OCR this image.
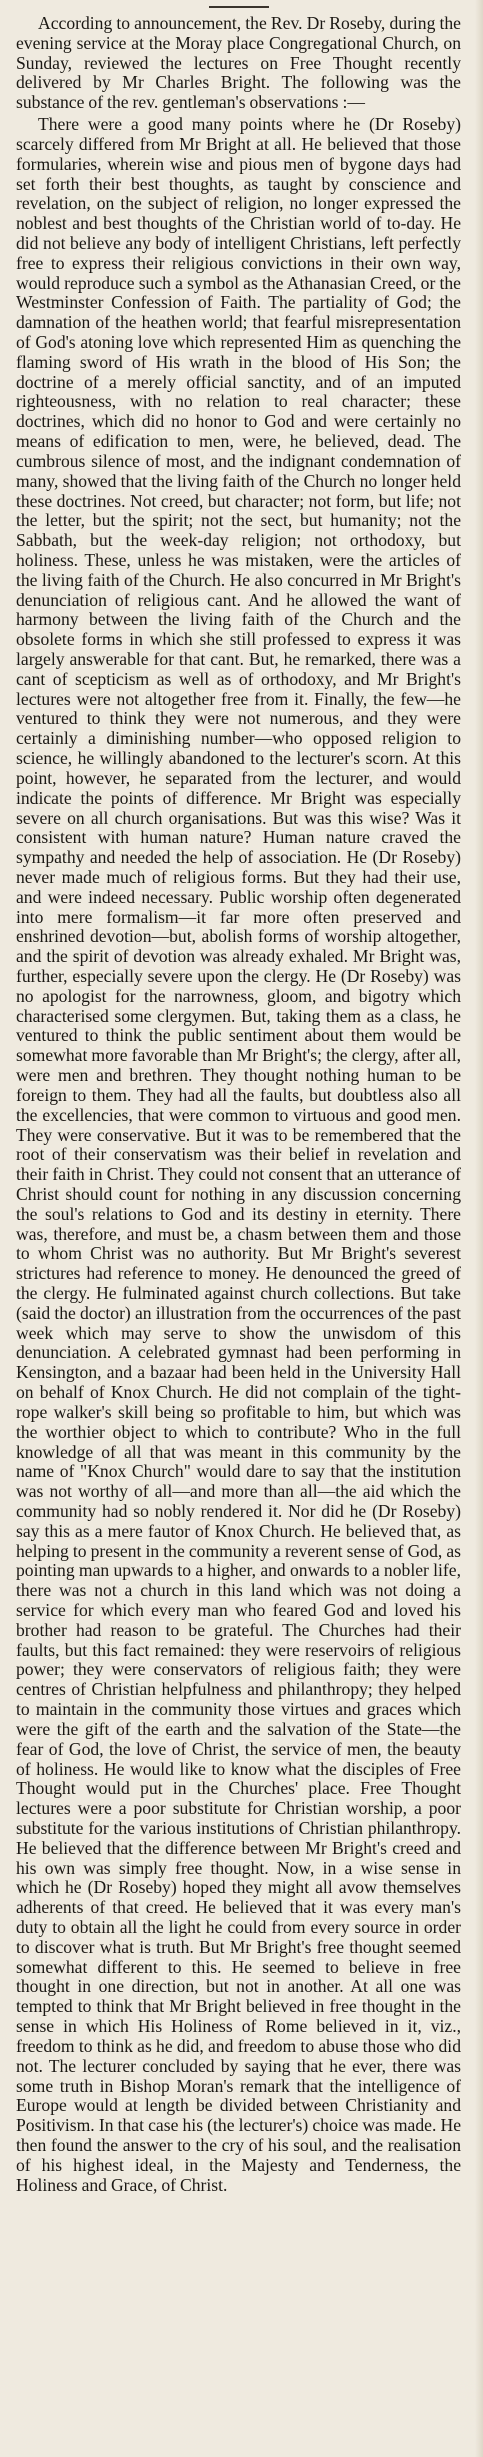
According to announcement, the Rev. Dr Roseby, during the evening service at the Moray place Congregational Church, on Sunday, reviewed the lectures on Free Thought recently delivered by Mr Charles Bright. The following was the substance of the rev. gentleman's observations :—

There were a good many points where he (Dr Roseby) scarcely differed from Mr Bright at all. He believed that those formularies, wherein wise and pious men of bygone days had set forth their best thoughts, as taught by conscience and revelation, on the subject of religion, no longer expressed the noblest and best thoughts of the Christian world of to-day. He did not believe any body of intelligent Christians, left perfectly free to express their religious convictions in their own way, would reproduce such a symbol as the Athanasian Creed, or the Westminster Confession of Faith. The partiality of God; the damnation of the heathen world; that fearful misrepresentation of God's atoning love which represented Him as quenching the flaming sword of His wrath in the blood of His Son; the doctrine of a merely official sanctity, and of an imputed righteousness, with no relation to real character; these doctrines, which did no honor to God and were certainly no means of edification to men, were, he believed, dead. The cumbrous silence of most, and the indignant condemnation of many, showed that the living faith of the Church no longer held these doctrines. Not creed, but character; not form, but life; not the letter, but the spirit; not the sect, but humanity; not the Sabbath, but the week-day religion; not orthodoxy, but holiness. These, unless he was mistaken, were the articles of the living faith of the Church. He also concurred in Mr Bright's denunciation of religious cant. And he allowed the want of harmony between the living faith of the Church and the obsolete forms in which she still professed to express it was largely answerable for that cant. But, he remarked, there was a cant of scepticism as well as of orthodoxy, and Mr Bright's lectures were not altogether free from it. Finally, the few—he ventured to think they were not numerous, and they were certainly a diminishing number—who opposed religion to science, he willingly abandoned to the lecturer's scorn. At this point, however, he separated from the lecturer, and would indicate the points of difference. Mr Bright was especially severe on all church organisations. But was this wise? Was it consistent with human nature? Human nature craved the sympathy and needed the help of association. He (Dr Roseby) never made much of religious forms. But they had their use, and were indeed necessary. Public worship often degenerated into mere formalism—it far more often preserved and enshrined devotion—but, abolish forms of worship altogether, and the spirit of devotion was already exhaled. Mr Bright was, further, especially severe upon the clergy. He (Dr Roseby) was no apologist for the narrowness, gloom, and bigotry which characterised some clergymen. But, taking them as a class, he ventured to think the public sentiment about them would be somewhat more favorable than Mr Bright's; the clergy, after all, were men and brethren. They thought nothing human to be foreign to them. They had all the faults, but doubtless also all the excellencies, that were common to virtuous and good men. They were conservative. But it was to be remembered that the root of their conservatism was their belief in revelation and their faith in Christ. They could not consent that an utterance of Christ should count for nothing in any discussion concerning the soul's relations to God and its destiny in eternity. There was, therefore, and must be, a chasm between them and those to whom Christ was no authority. But Mr Bright's severest strictures had reference to money. He denounced the greed of the clergy. He fulminated against church collections. But take (said the doctor) an illustration from the occurrences of the past week which may serve to show the unwisdom of this denunciation. A celebrated gymnast had been performing in Kensington, and a bazaar had been held in the University Hall on behalf of Knox Church. He did not complain of the tight-rope walker's skill being so profitable to him, but which was the worthier object to which to contribute? Who in the full knowledge of all that was meant in this community by the name of "Knox Church" would dare to say that the institution was not worthy of all—and more than all—the aid which the community had so nobly rendered it. Nor did he (Dr Roseby) say this as a mere fautor of Knox Church. He believed that, as helping to present in the community a reverent sense of God, as pointing man upwards to a higher, and onwards to a nobler life, there was not a church in this land which was not doing a service for which every man who feared God and loved his brother had reason to be grateful. The Churches had their faults, but this fact remained: they were reservoirs of religious power; they were conservators of religious faith; they were centres of Christian helpfulness and philanthropy; they helped to maintain in the community those virtues and graces which were the gift of the earth and the salvation of the State—the fear of God, the love of Christ, the service of men, the beauty of holiness. He would like to know what the disciples of Free Thought would put in the Churches' place. Free Thought lectures were a poor substitute for Christian worship, a poor substitute for the various institutions of Christian philanthropy. He believed that the difference between Mr Bright's creed and his own was simply free thought. Now, in a wise sense in which he (Dr Roseby) hoped they might all avow themselves adherents of that creed. He believed that it was every man's duty to obtain all the light he could from every source in order to discover what is truth. But Mr Bright's free thought seemed somewhat different to this. He seemed to believe in free thought in one direction, but not in another. At all one was tempted to think that Mr Bright believed in free thought in the sense in which His Holiness of Rome believed in it, viz., freedom to think as he did, and freedom to abuse those who did not. The lecturer concluded by saying that he ever, there was some truth in Bishop Moran's remark that the intelligence of Europe would at length be divided between Christianity and Positivism. In that case his (the lecturer's) choice was made. He then found the answer to the cry of his soul, and the realisation of his highest ideal, in the Majesty and Tenderness, the Holiness and Grace, of Christ.
